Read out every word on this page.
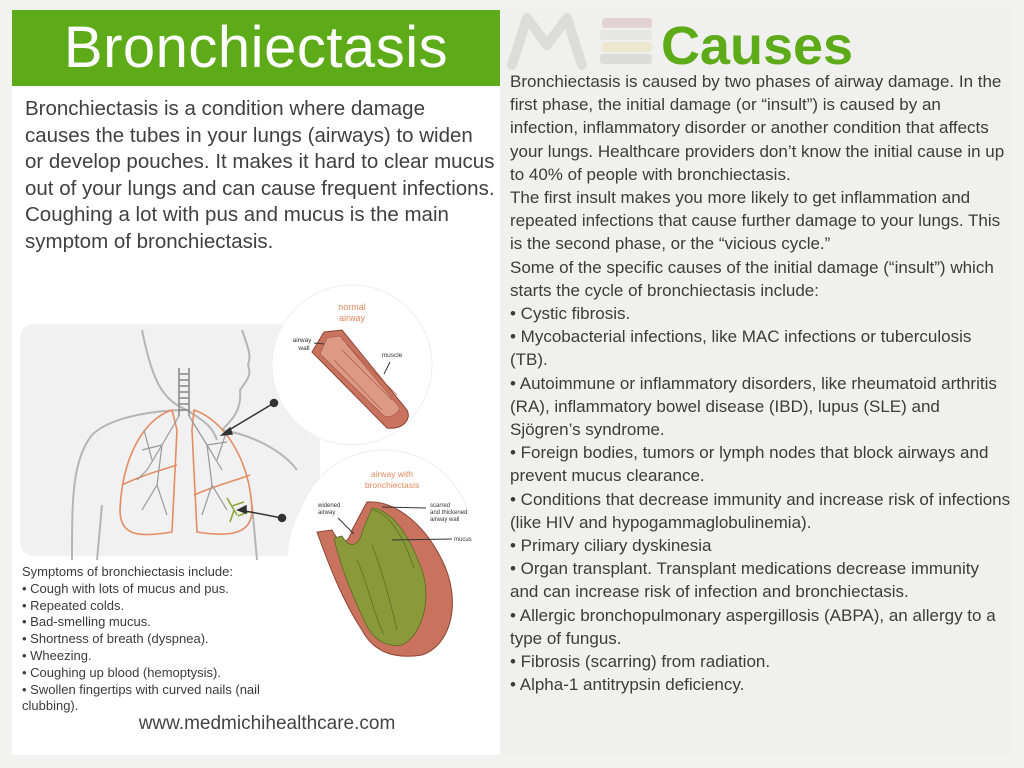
Bronchiectasis

Bronchiectasis is a condition where damage causes the tubes in your lungs (airways) to widen or develop pouches. It makes it hard to clear mucus out of your lungs and can cause frequent infections. Coughing a lot with pus and mucus is the main symptom of bronchiectasis.

normal
airway
airway
wall
muscle
airway with
bronchiectasis
widened
airway
scarred
and thickened
airway wall
mucus
Symptoms of bronchiectasis include:
• Cough with lots of mucus and pus.
• Repeated colds.
• Bad-smelling mucus.
• Shortness of breath (dyspnea).
• Wheezing.
• Coughing up blood (hemoptysis).
• Swollen fingertips with curved nails (nail clubbing).
www.medmichihealthcare.com
Causes

Bronchiectasis is caused by two phases of airway damage. In the first phase, the initial damage (or “insult”) is caused by an infection, inflammatory disorder or another condition that affects your lungs. Healthcare providers don’t know the initial cause in up to 40% of people with bronchiectasis.

The first insult makes you more likely to get inflammation and repeated infections that cause further damage to your lungs. This is the second phase, or the “vicious cycle.”

Some of the specific causes of the initial damage (“insult”) which starts the cycle of bronchiectasis include:

• Cystic fibrosis.

• Mycobacterial infections, like MAC infections or tuberculosis (TB).

• Autoimmune or inflammatory disorders, like rheumatoid arthritis (RA), inflammatory bowel disease (IBD), lupus (SLE) and Sjögren’s syndrome.

• Foreign bodies, tumors or lymph nodes that block airways and prevent mucus clearance.

• Conditions that decrease immunity and increase risk of infections (like HIV and hypogammaglobulinemia).

• Primary ciliary dyskinesia

• Organ transplant. Transplant medications decrease immunity and can increase risk of infection and bronchiectasis.

• Allergic bronchopulmonary aspergillosis (ABPA), an allergy to a type of fungus.

• Fibrosis (scarring) from radiation.

• Alpha-1 antitrypsin deficiency.
